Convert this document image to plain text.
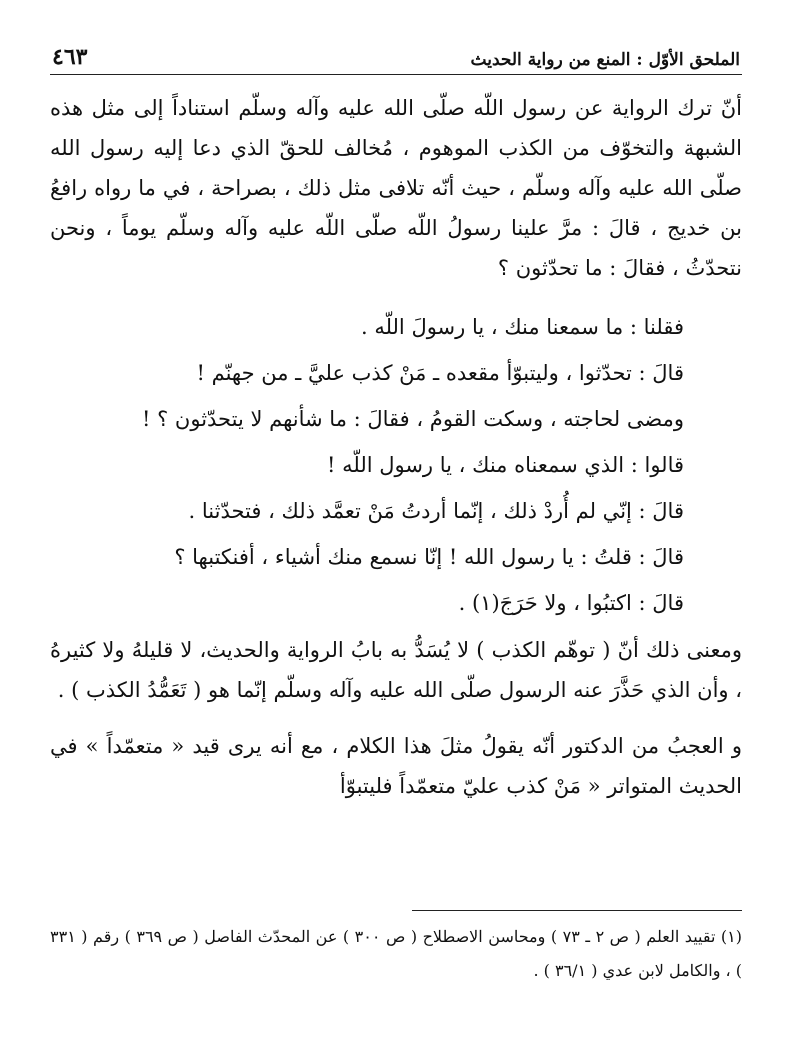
الملحق الأوّل : المنع من رواية الحديث
٤٦٣

أنّ ترك الرواية عن رسول اللّه صلّى الله عليه وآله وسلّم استناداً إلى مثل هذه الشبهة والتخوّف من الكذب الموهوم ، مُخالف للحقّ الذي دعا إليه رسول الله صلّى الله عليه وآله وسلّم ، حيث أنّه تلافى مثل ذلك ، بصراحة ، في ما رواه رافعُ بن خديج ، قالَ : مرَّ علينا رسولُ اللّه صلّى اللّه عليه وآله وسلّم يوماً ، ونحن نتحدّثُ ، فقالَ : ما تحدّثون ؟

فقلنا : ما سمعنا منك ، يا رسولَ اللّه .

قالَ : تحدّثوا ، وليتبوّأ مقعده ـ مَنْ كذب عليَّ ـ من جهنّم !

ومضى لحاجته ، وسكت القومُ ، فقالَ : ما شأنهم لا يتحدّثون ؟ !

قالوا : الذي سمعناه منك ، يا رسول اللّه !

قالَ : إنّي لم أُردْ ذلك ، إنّما أردتُ مَنْ تعمَّد ذلك ، فتحدّثنا .

قالَ : قلتُ : يا رسول الله ! إنّا نسمع منك أشياء ، أفنكتبها ؟

قالَ : اكتبُوا ، ولا حَرَجَ(١) .

ومعنى ذلك أنّ ( توهّم الكذب ) لا يُسَدُّ به بابُ الرواية والحديث، لا قليلهُ ولا كثيرهُ ، وأن الذي حَذَّرَ عنه الرسول صلّى الله عليه وآله وسلّم إنّما هو ( تَعَمُّدُ الكذب ) .

و العجبُ من الدكتور أنّه يقولُ مثلَ هذا الكلام ، مع أنه يرى قيد « متعمّداً » في الحديث المتواتر « مَنْ كذب عليّ متعمّداً فليتبوّأ

(١) تقييد العلم ( ص ٢ ـ ٧٣ ) ومحاسن الاصطلاح ( ص ٣٠٠ ) عن المحدّث الفاصل ( ص ٣٦٩ ) رقم ( ٣٣١ ) ، والكامل لابن عدي ( ٣٦/١ ) .
